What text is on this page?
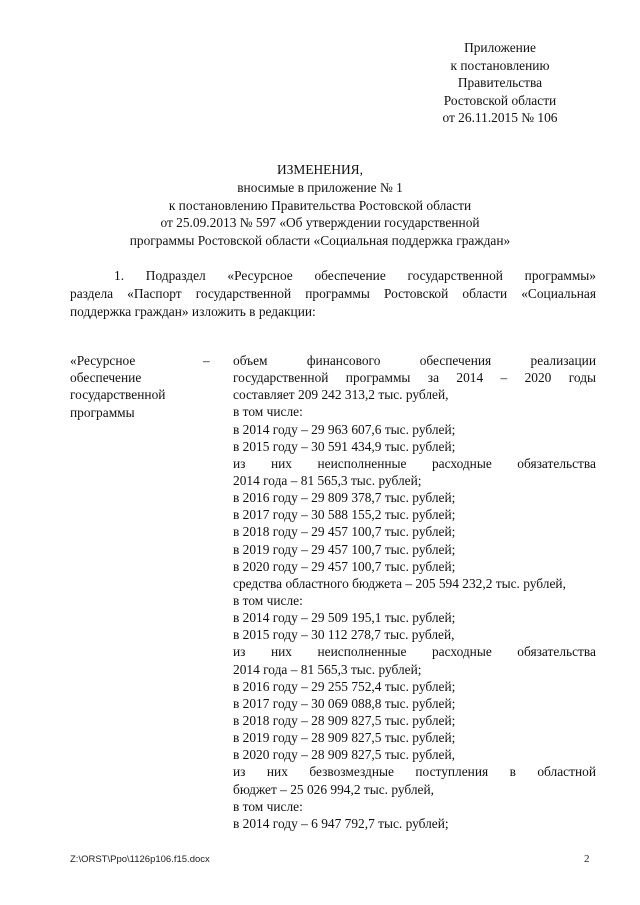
Приложение
к постановлению
Правительства
Ростовской области
от 26.11.2015 № 106
ИЗМЕНЕНИЯ,
вносимые в приложение № 1
к постановлению Правительства Ростовской области
от 25.09.2013 № 597 «Об утверждении государственной
программы Ростовской области «Социальная поддержка граждан»
1. Подраздел «Ресурсное обеспечение государственной программы»
раздела «Паспорт государственной программы Ростовской области «Социальная
поддержка граждан» изложить в редакции:
«Ресурсное
обеспечение
государственной
программы
– объем финансового обеспечения реализации
государственной программы за 2014 – 2020 годы
составляет 209 242 313,2 тыс. рублей,
в том числе:
в 2014 году – 29 963 607,6 тыс. рублей;
в 2015 году – 30 591 434,9 тыс. рублей;
из них неисполненные расходные обязательства
2014 года – 81 565,3 тыс. рублей;
в 2016 году – 29 809 378,7 тыс. рублей;
в 2017 году – 30 588 155,2 тыс. рублей;
в 2018 году – 29 457 100,7 тыс. рублей;
в 2019 году – 29 457 100,7 тыс. рублей;
в 2020 году – 29 457 100,7 тыс. рублей;
средства областного бюджета – 205 594 232,2 тыс. рублей,
в том числе:
в 2014 году – 29 509 195,1 тыс. рублей;
в 2015 году – 30 112 278,7 тыс. рублей,
из них неисполненные расходные обязательства
2014 года – 81 565,3 тыс. рублей;
в 2016 году – 29 255 752,4 тыс. рублей;
в 2017 году – 30 069 088,8 тыс. рублей;
в 2018 году – 28 909 827,5 тыс. рублей;
в 2019 году – 28 909 827,5 тыс. рублей;
в 2020 году – 28 909 827,5 тыс. рублей,
из них безвозмездные поступления в областной
бюджет – 25 026 994,2 тыс. рублей,
в том числе:
в 2014 году – 6 947 792,7 тыс. рублей;
Z:\ORST\Ppo\1126p106.f15.docx	2
